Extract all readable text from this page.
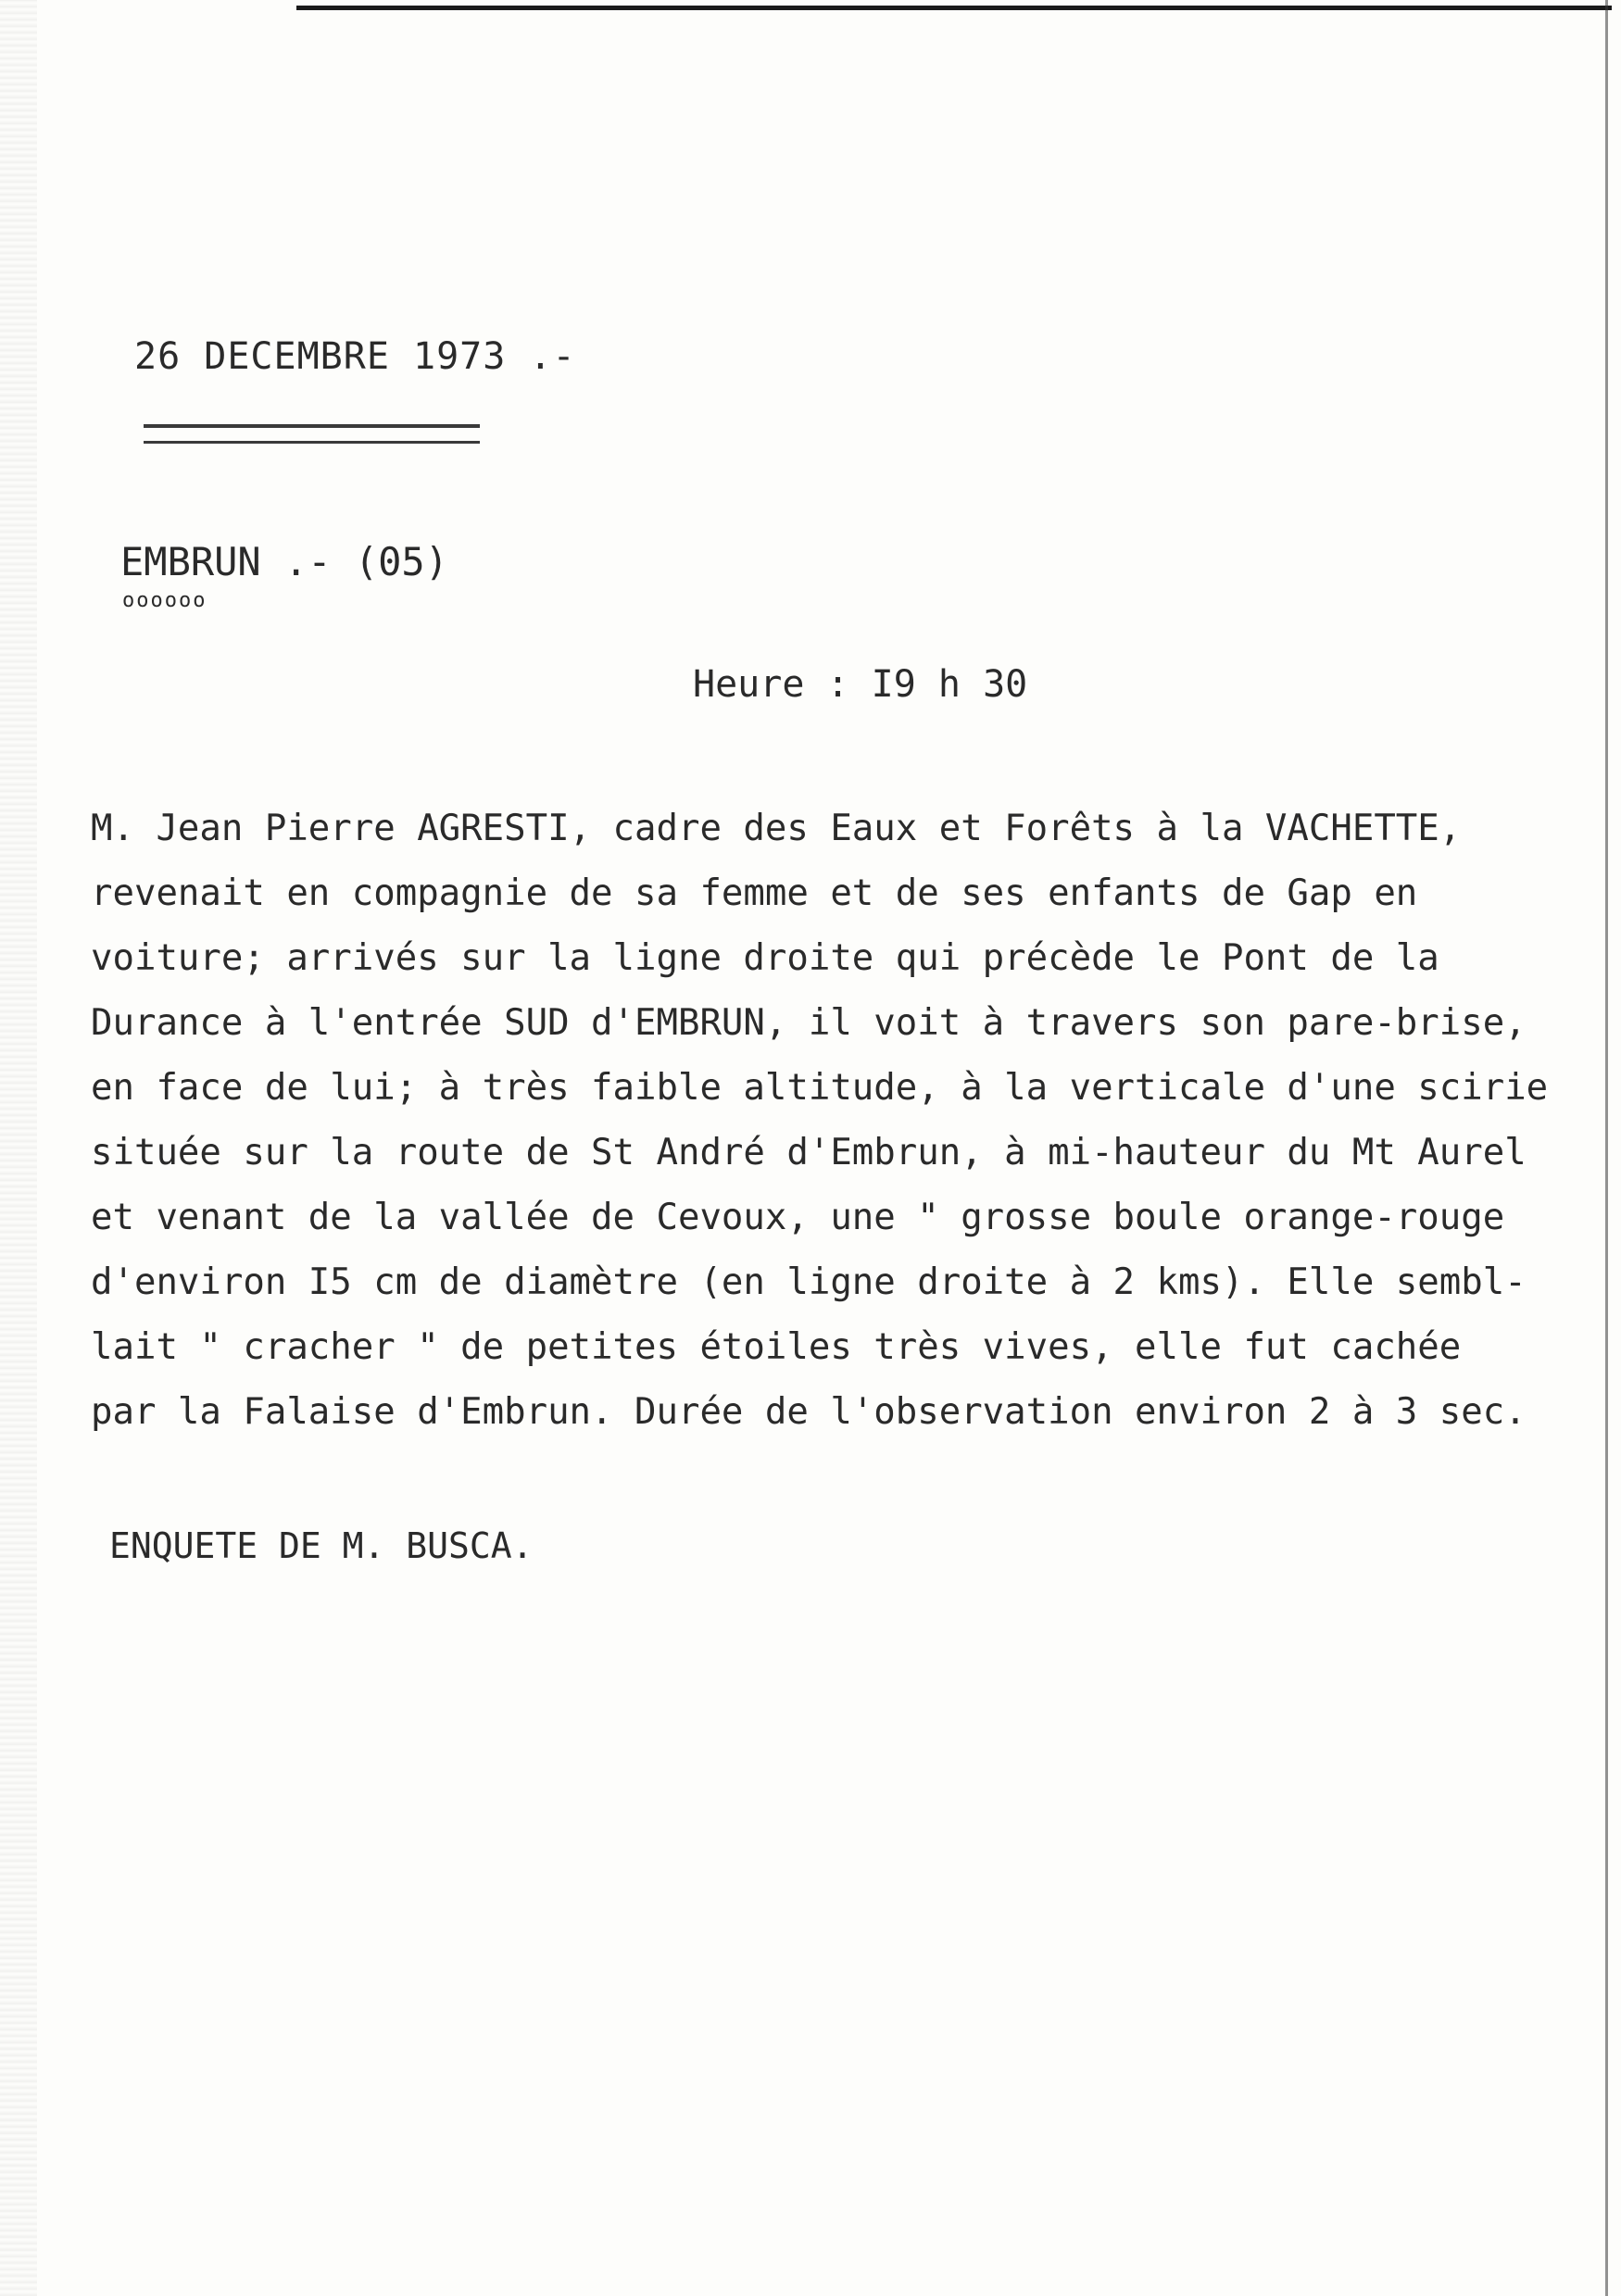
26 DECEMBRE 1973 .-
EMBRUN .- (05)
oooooo
Heure : I9 h 30
M. Jean Pierre AGRESTI, cadre des Eaux et Forêts à la VACHETTE,
revenait en compagnie de sa femme et de ses enfants de Gap en
voiture; arrivés sur la ligne droite qui précède le Pont de la
Durance à l'entrée SUD d'EMBRUN, il voit à travers son pare-brise,
en face de lui; à très faible altitude, à la verticale d'une scirie
située sur la route de St André d'Embrun, à mi-hauteur du Mt Aurel
et venant de la vallée de Cevoux, une " grosse boule orange-rouge
d'environ I5 cm de diamètre (en ligne droite à 2 kms). Elle sembl-
lait " cracher " de petites étoiles très vives, elle fut cachée
par la Falaise d'Embrun. Durée de l'observation environ 2 à 3 sec.
ENQUETE DE M. BUSCA.
